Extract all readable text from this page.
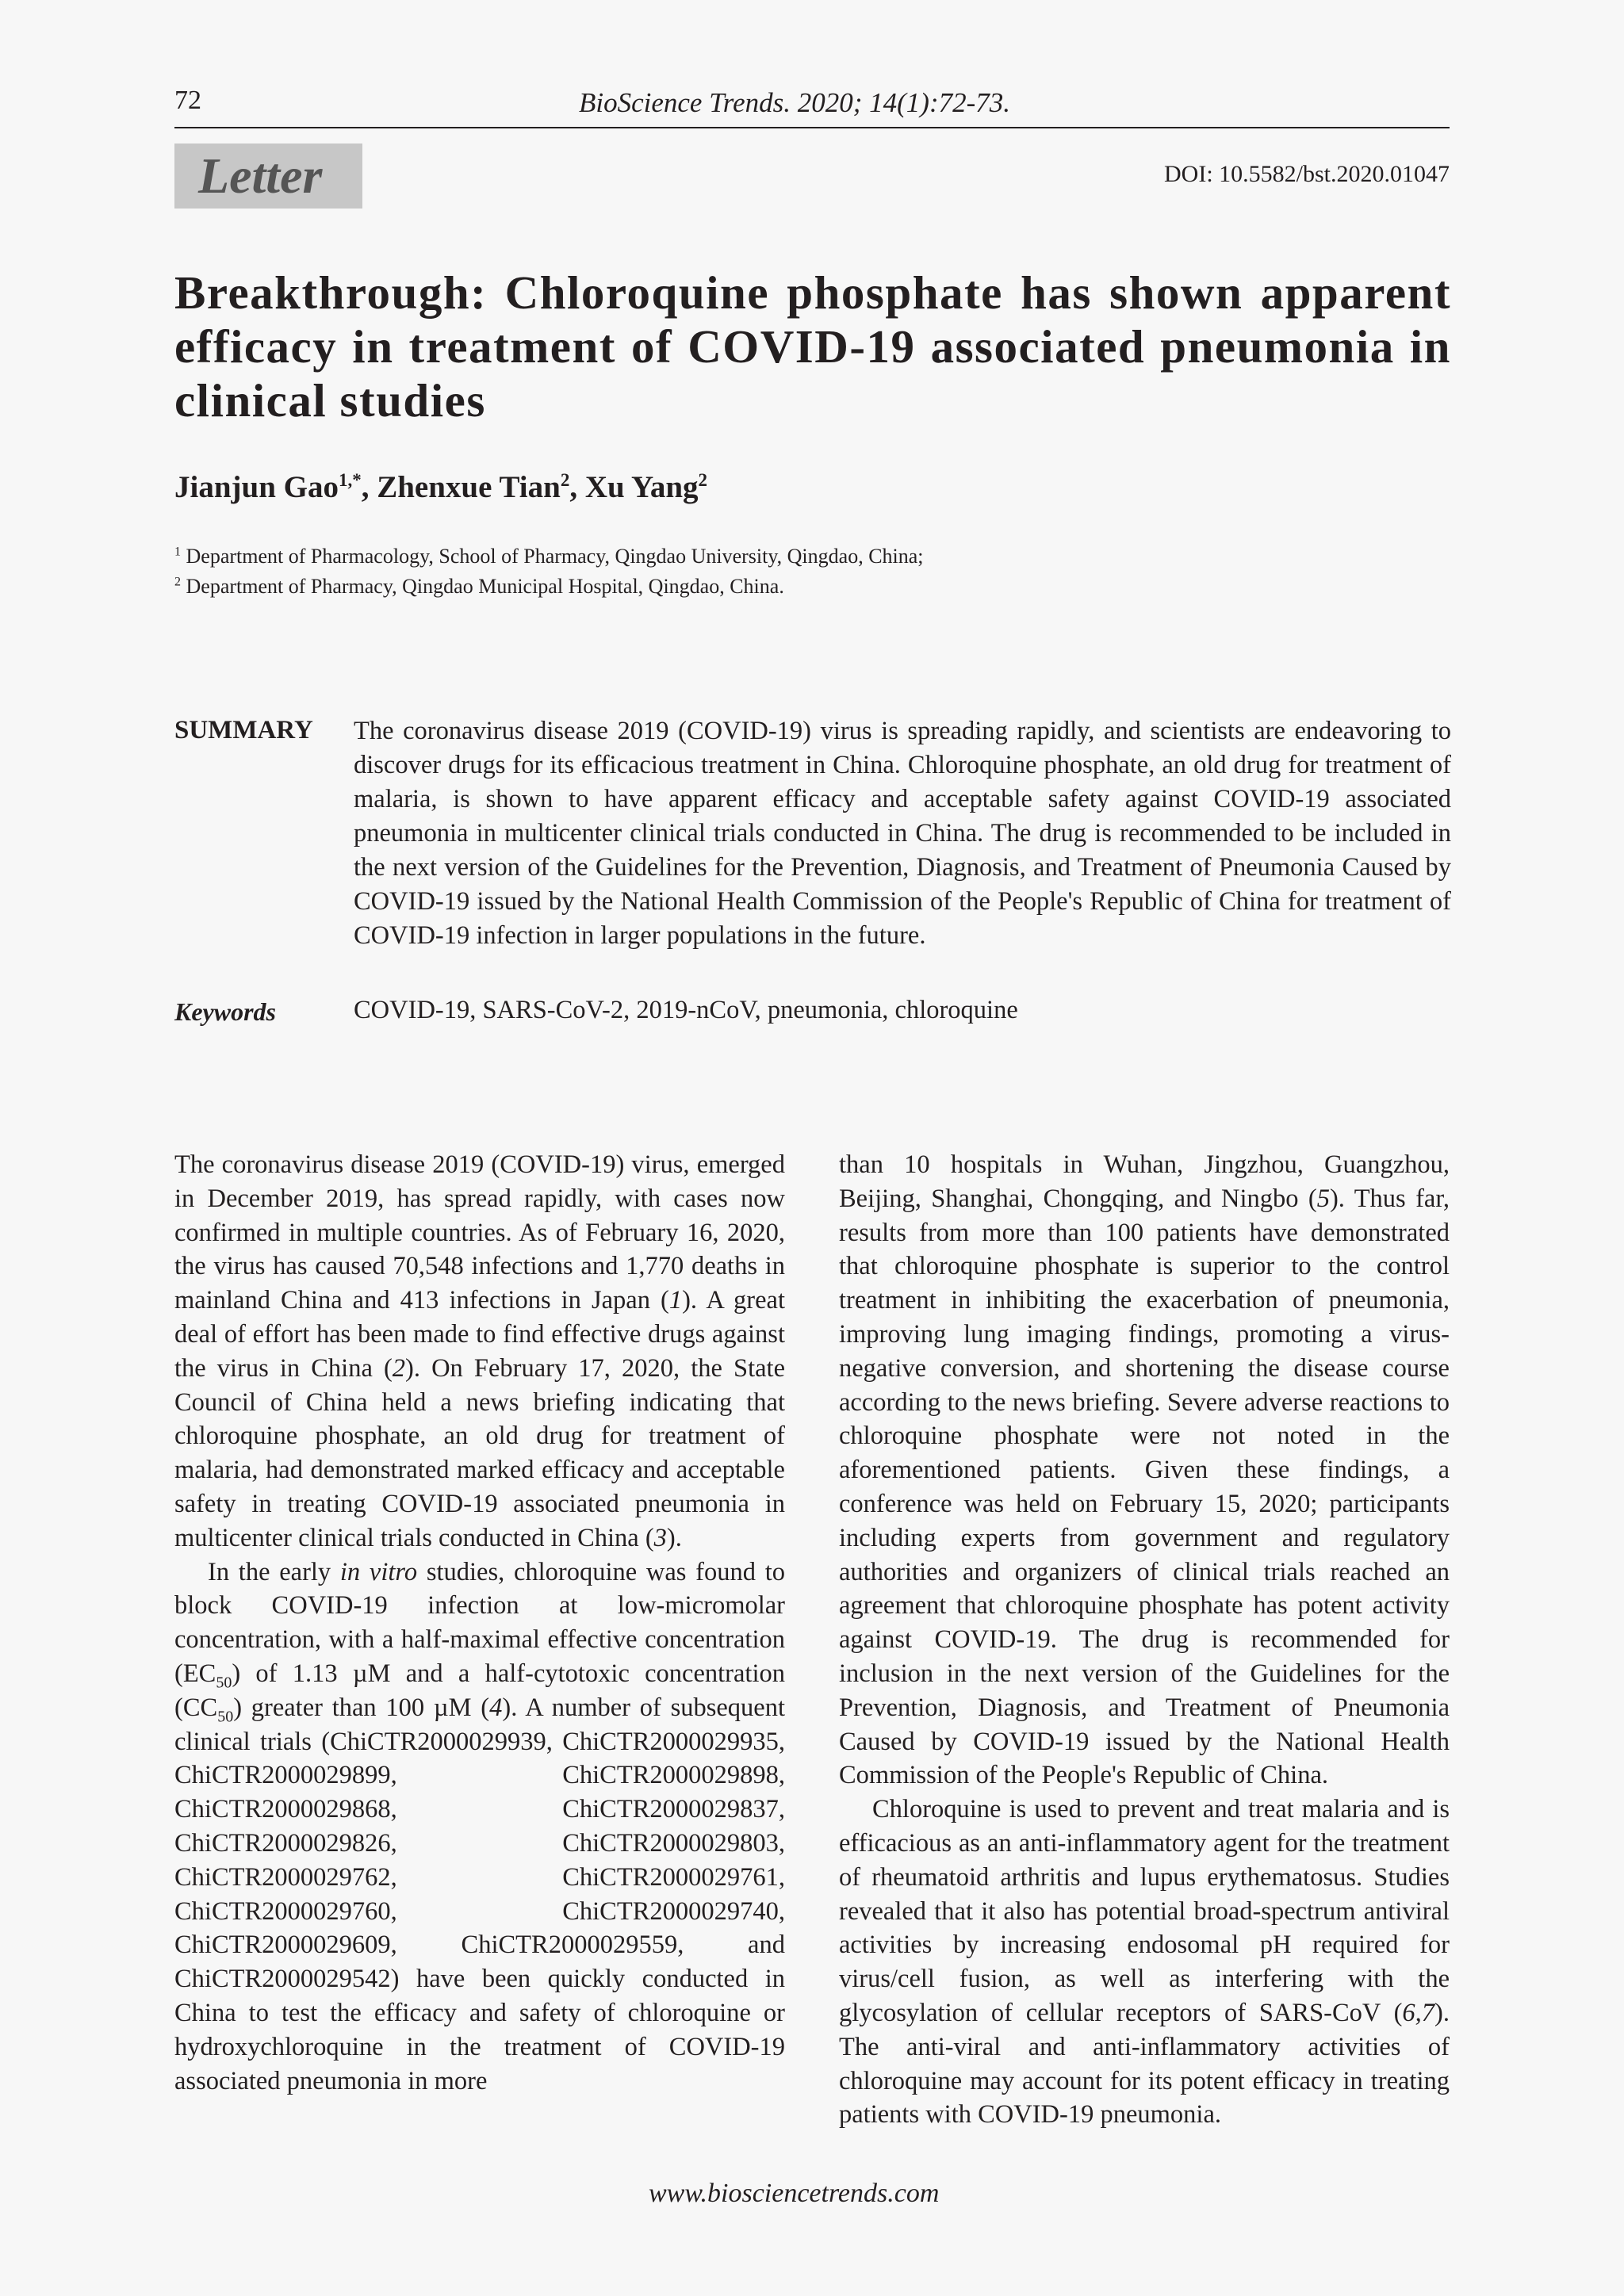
72	BioScience Trends. 2020; 14(1):72-73.
Letter	DOI: 10.5582/bst.2020.01047
Breakthrough: Chloroquine phosphate has shown apparent efficacy in treatment of COVID-19 associated pneumonia in clinical studies
Jianjun Gao$^{1,*}$, Zhenxue Tian$^2$, Xu Yang$^2$
$^1$ Department of Pharmacology, School of Pharmacy, Qingdao University, Qingdao, China;
$^2$ Department of Pharmacy, Qingdao Municipal Hospital, Qingdao, China.
SUMMARY The coronavirus disease 2019 (COVID-19) virus is spreading rapidly, and scientists are endeavoring to discover drugs for its efficacious treatment in China. Chloroquine phosphate, an old drug for treatment of malaria, is shown to have apparent efficacy and acceptable safety against COVID-19 associated pneumonia in multicenter clinical trials conducted in China. The drug is recommended to be included in the next version of the Guidelines for the Prevention, Diagnosis, and Treatment of Pneumonia Caused by COVID-19 issued by the National Health Commission of the People's Republic of China for treatment of COVID-19 infection in larger populations in the future.
Keywords	COVID-19, SARS-CoV-2, 2019-nCoV, pneumonia, chloroquine

The coronavirus disease 2019 (COVID-19) virus, emerged in December 2019, has spread rapidly, with cases now confirmed in multiple countries. As of February 16, 2020, the virus has caused 70,548 infections and 1,770 deaths in mainland China and 413 infections in Japan (1). A great deal of effort has been made to find effective drugs against the virus in China (2). On February 17, 2020, the State Council of China held a news briefing indicating that chloroquine phosphate, an old drug for treatment of malaria, had demonstrated marked efficacy and acceptable safety in treating COVID-19 associated pneumonia in multicenter clinical trials conducted in China (3).

In the early in vitro studies, chloroquine was found to block COVID-19 infection at low-micromolar concentration, with a half-maximal effective concentration $(EC_{50})$ of 1.13 µM and a half-cytotoxic concentration $(CC_{50})$ greater than 100 µM (4). A number of subsequent clinical trials (ChiCTR2000029939, ChiCTR2000029935, ChiCTR2000029899, ChiCTR2000029898, ChiCTR2000029868, ChiCTR2000029837, ChiCTR2000029826, ChiCTR2000029803, ChiCTR2000029762, ChiCTR2000029761, ChiCTR2000029760, ChiCTR2000029740, ChiCTR2000029609, ChiCTR2000029559, and ChiCTR2000029542) have been quickly conducted in China to test the efficacy and safety of chloroquine or hydroxychloroquine in the treatment of COVID-19 associated pneumonia in more

than 10 hospitals in Wuhan, Jingzhou, Guangzhou, Beijing, Shanghai, Chongqing, and Ningbo (5). Thus far, results from more than 100 patients have demonstrated that chloroquine phosphate is superior to the control treatment in inhibiting the exacerbation of pneumonia, improving lung imaging findings, promoting a virus-negative conversion, and shortening the disease course according to the news briefing. Severe adverse reactions to chloroquine phosphate were not noted in the aforementioned patients. Given these findings, a conference was held on February 15, 2020; participants including experts from government and regulatory authorities and organizers of clinical trials reached an agreement that chloroquine phosphate has potent activity against COVID-19. The drug is recommended for inclusion in the next version of the Guidelines for the Prevention, Diagnosis, and Treatment of Pneumonia Caused by COVID-19 issued by the National Health Commission of the People's Republic of China.

Chloroquine is used to prevent and treat malaria and is efficacious as an anti-inflammatory agent for the treatment of rheumatoid arthritis and lupus erythematosus. Studies revealed that it also has potential broad-spectrum antiviral activities by increasing endosomal pH required for virus/cell fusion, as well as interfering with the glycosylation of cellular receptors of SARS-CoV (6,7). The anti-viral and anti-inflammatory activities of chloroquine may account for its potent efficacy in treating patients with COVID-19 pneumonia.

www.biosciencetrends.com
